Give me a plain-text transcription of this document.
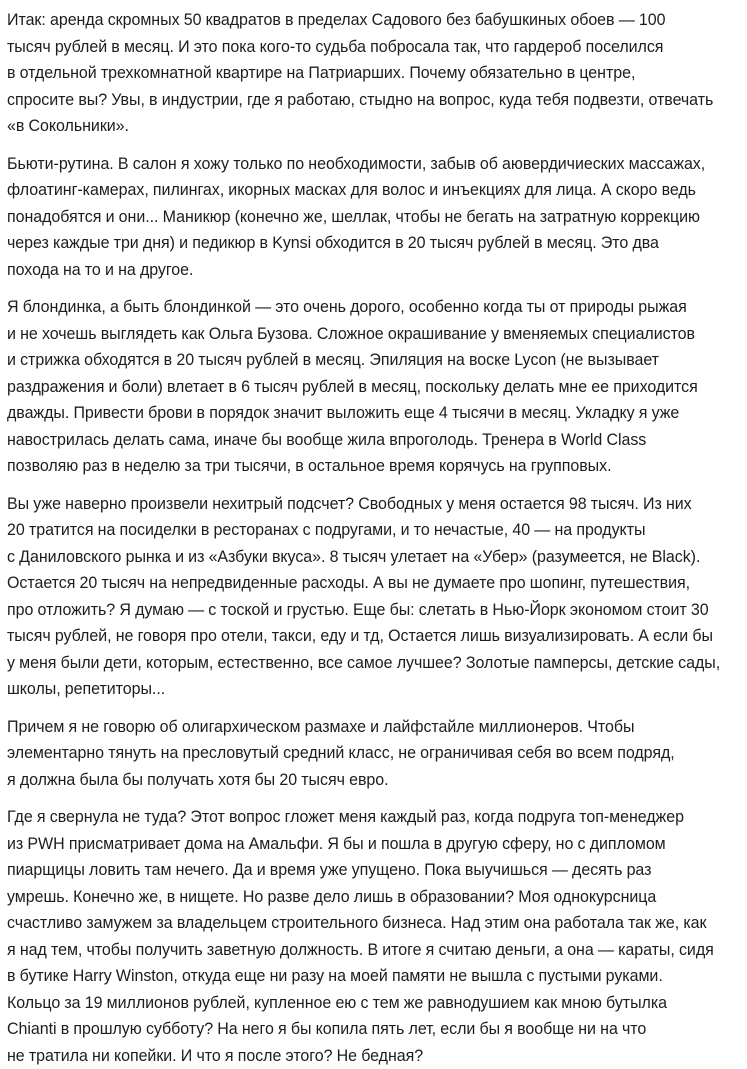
Итак: аренда скромных 50 квадратов в пределах Садового без бабушкиных обоев — 100
тысяч рублей в месяц. И это пока кого-то судьба побросала так, что гардероб поселился
в отдельной трехкомнатной квартире на Патриарших. Почему обязательно в центре,
спросите вы? Увы, в индустрии, где я работаю, стыдно на вопрос, куда тебя подвезти, отвечать
«в Сокольники».

Бьюти-рутина. В салон я хожу только по необходимости, забыв об аювердичиеских массажах,
флоатинг-камерах, пилингах, икорных масках для волос и инъекциях для лица. А скоро ведь
понадобятся и они... Маникюр (конечно же, шеллак, чтобы не бегать на затратную коррекцию
через каждые три дня) и педикюр в Kynsi обходится в 20 тысяч рублей в месяц. Это два
похода на то и на другое.

Я блондинка, а быть блондинкой — это очень дорого, особенно когда ты от природы рыжая
и не хочешь выглядеть как Ольга Бузова. Сложное окрашивание у вменяемых специалистов
и стрижка обходятся в 20 тысяч рублей в месяц. Эпиляция на воске Lycon (не вызывает
раздражения и боли) влетает в 6 тысяч рублей в месяц, поскольку делать мне ее приходится
дважды. Привести брови в порядок значит выложить еще 4 тысячи в месяц. Укладку я уже
навострилась делать сама, иначе бы вообще жила впроголодь. Тренера в World Class
позволяю раз в неделю за три тысячи, в остальное время корячусь на групповых.

Вы уже наверно произвели нехитрый подсчет? Свободных у меня остается 98 тысяч. Из них
20 тратится на посиделки в ресторанах с подругами, и то нечастые, 40 — на продукты
с Даниловского рынка и из «Азбуки вкуса». 8 тысяч улетает на «Убер» (разумеется, не Black).
Остается 20 тысяч на непредвиденные расходы. А вы не думаете про шопинг, путешествия,
про отложить? Я думаю — с тоской и грустью. Еще бы: слетать в Нью-Йорк экономом стоит 30
тысяч рублей, не говоря про отели, такси, еду и тд, Остается лишь визуализировать. А если бы
у меня были дети, которым, естественно, все самое лучшее? Золотые памперсы, детские сады,
школы, репетиторы...

Причем я не говорю об олигархическом размахе и лайфстайле миллионеров. Чтобы
элементарно тянуть на пресловутый средний класс, не ограничивая себя во всем подряд,
я должна была бы получать хотя бы 20 тысяч евро.

Где я свернула не туда? Этот вопрос гложет меня каждый раз, когда подруга топ-менеджер
из PWH присматривает дома на Амальфи. Я бы и пошла в другую сферу, но с дипломом
пиарщицы ловить там нечего. Да и время уже упущено. Пока выучишься — десять раз
умрешь. Конечно же, в нищете. Но разве дело лишь в образовании? Моя однокурсница
счастливо замужем за владельцем строительного бизнеса. Над этим она работала так же, как
я над тем, чтобы получить заветную должность. В итоге я считаю деньги, а она — караты, сидя
в бутике Harry Winston, откуда еще ни разу на моей памяти не вышла с пустыми руками.
Кольцо за 19 миллионов рублей, купленное ею с тем же равнодушием как мною бутылка
Chianti в прошлую субботу? На него я бы копила пять лет, если бы я вообще ни на что
не тратила ни копейки. И что я после этого? Не бедная?
